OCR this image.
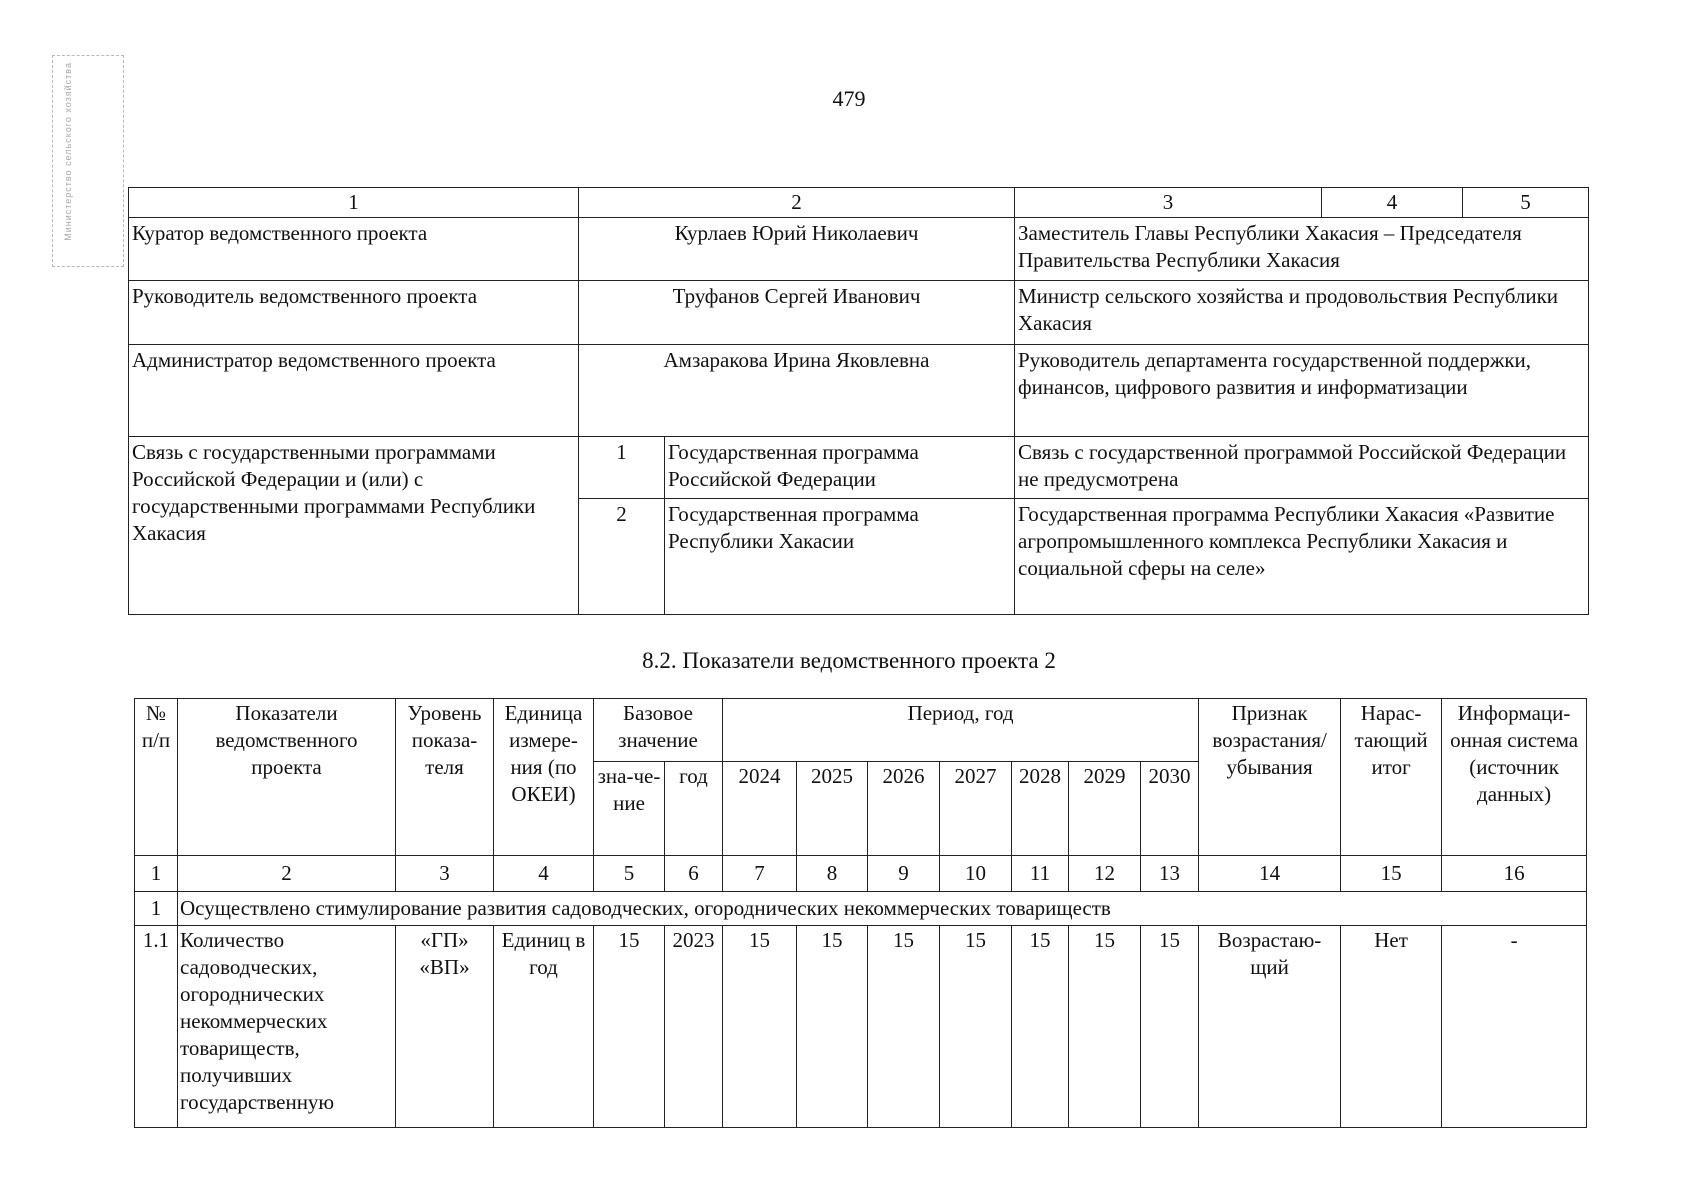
Министерство сельского хозяйства	479
1	2		3	4	5
Куратор ведомственного проекта	Курлаев Юрий Николаевич		Заместитель Главы Республики Хакасия – Председателя Правительства Республики Хакасия		
Руководитель ведомственного проекта	Труфанов Сергей Иванович		Министр сельского хозяйства и продовольствия Республики Хакасия		
Администратор ведомственного проекта	Амзаракова Ирина Яковлевна		Руководитель департамента государственной поддержки, финансов, цифрового развития и информатизации		
Связь с государственными программами Российской Федерации и (или) с государственными программами Республики Хакасия	1	Государственная программа Российской Федерации	Связь с государственной программой Российской Федерации не предусмотрена		
	2	Государственная программа Республики Хакасии	Государственная программа Республики Хакасия «Развитие агропромышленного комплекса Республики Хакасия и социальной сферы на селе»		
8.2. Показатели ведомственного проекта 2
№ п/п	Показатели ведомственного проекта	Уровень показа-теля	Единица измере-ния (по ОКЕИ)	Базовое значение		Период, год							Признак возрастания/ убывания	Нарас-тающий итог	Информаци-онная система (источник данных)
				зна-че-ние	год	2024	2025	2026	2027	2028	2029	2030			
1	2	3	4	5	6	7	8	9	10	11	12	13	14	15	16
1	Осуществлено стимулирование развития садоводческих, огороднических некоммерческих товариществ														
1.1	Количество садоводческих, огороднических некоммерческих товариществ, получивших государственную	«ГП» «ВП»	Единиц в год	15	2023	15	15	15	15	15	15	15	Возрастаю-щий	Нет	-
